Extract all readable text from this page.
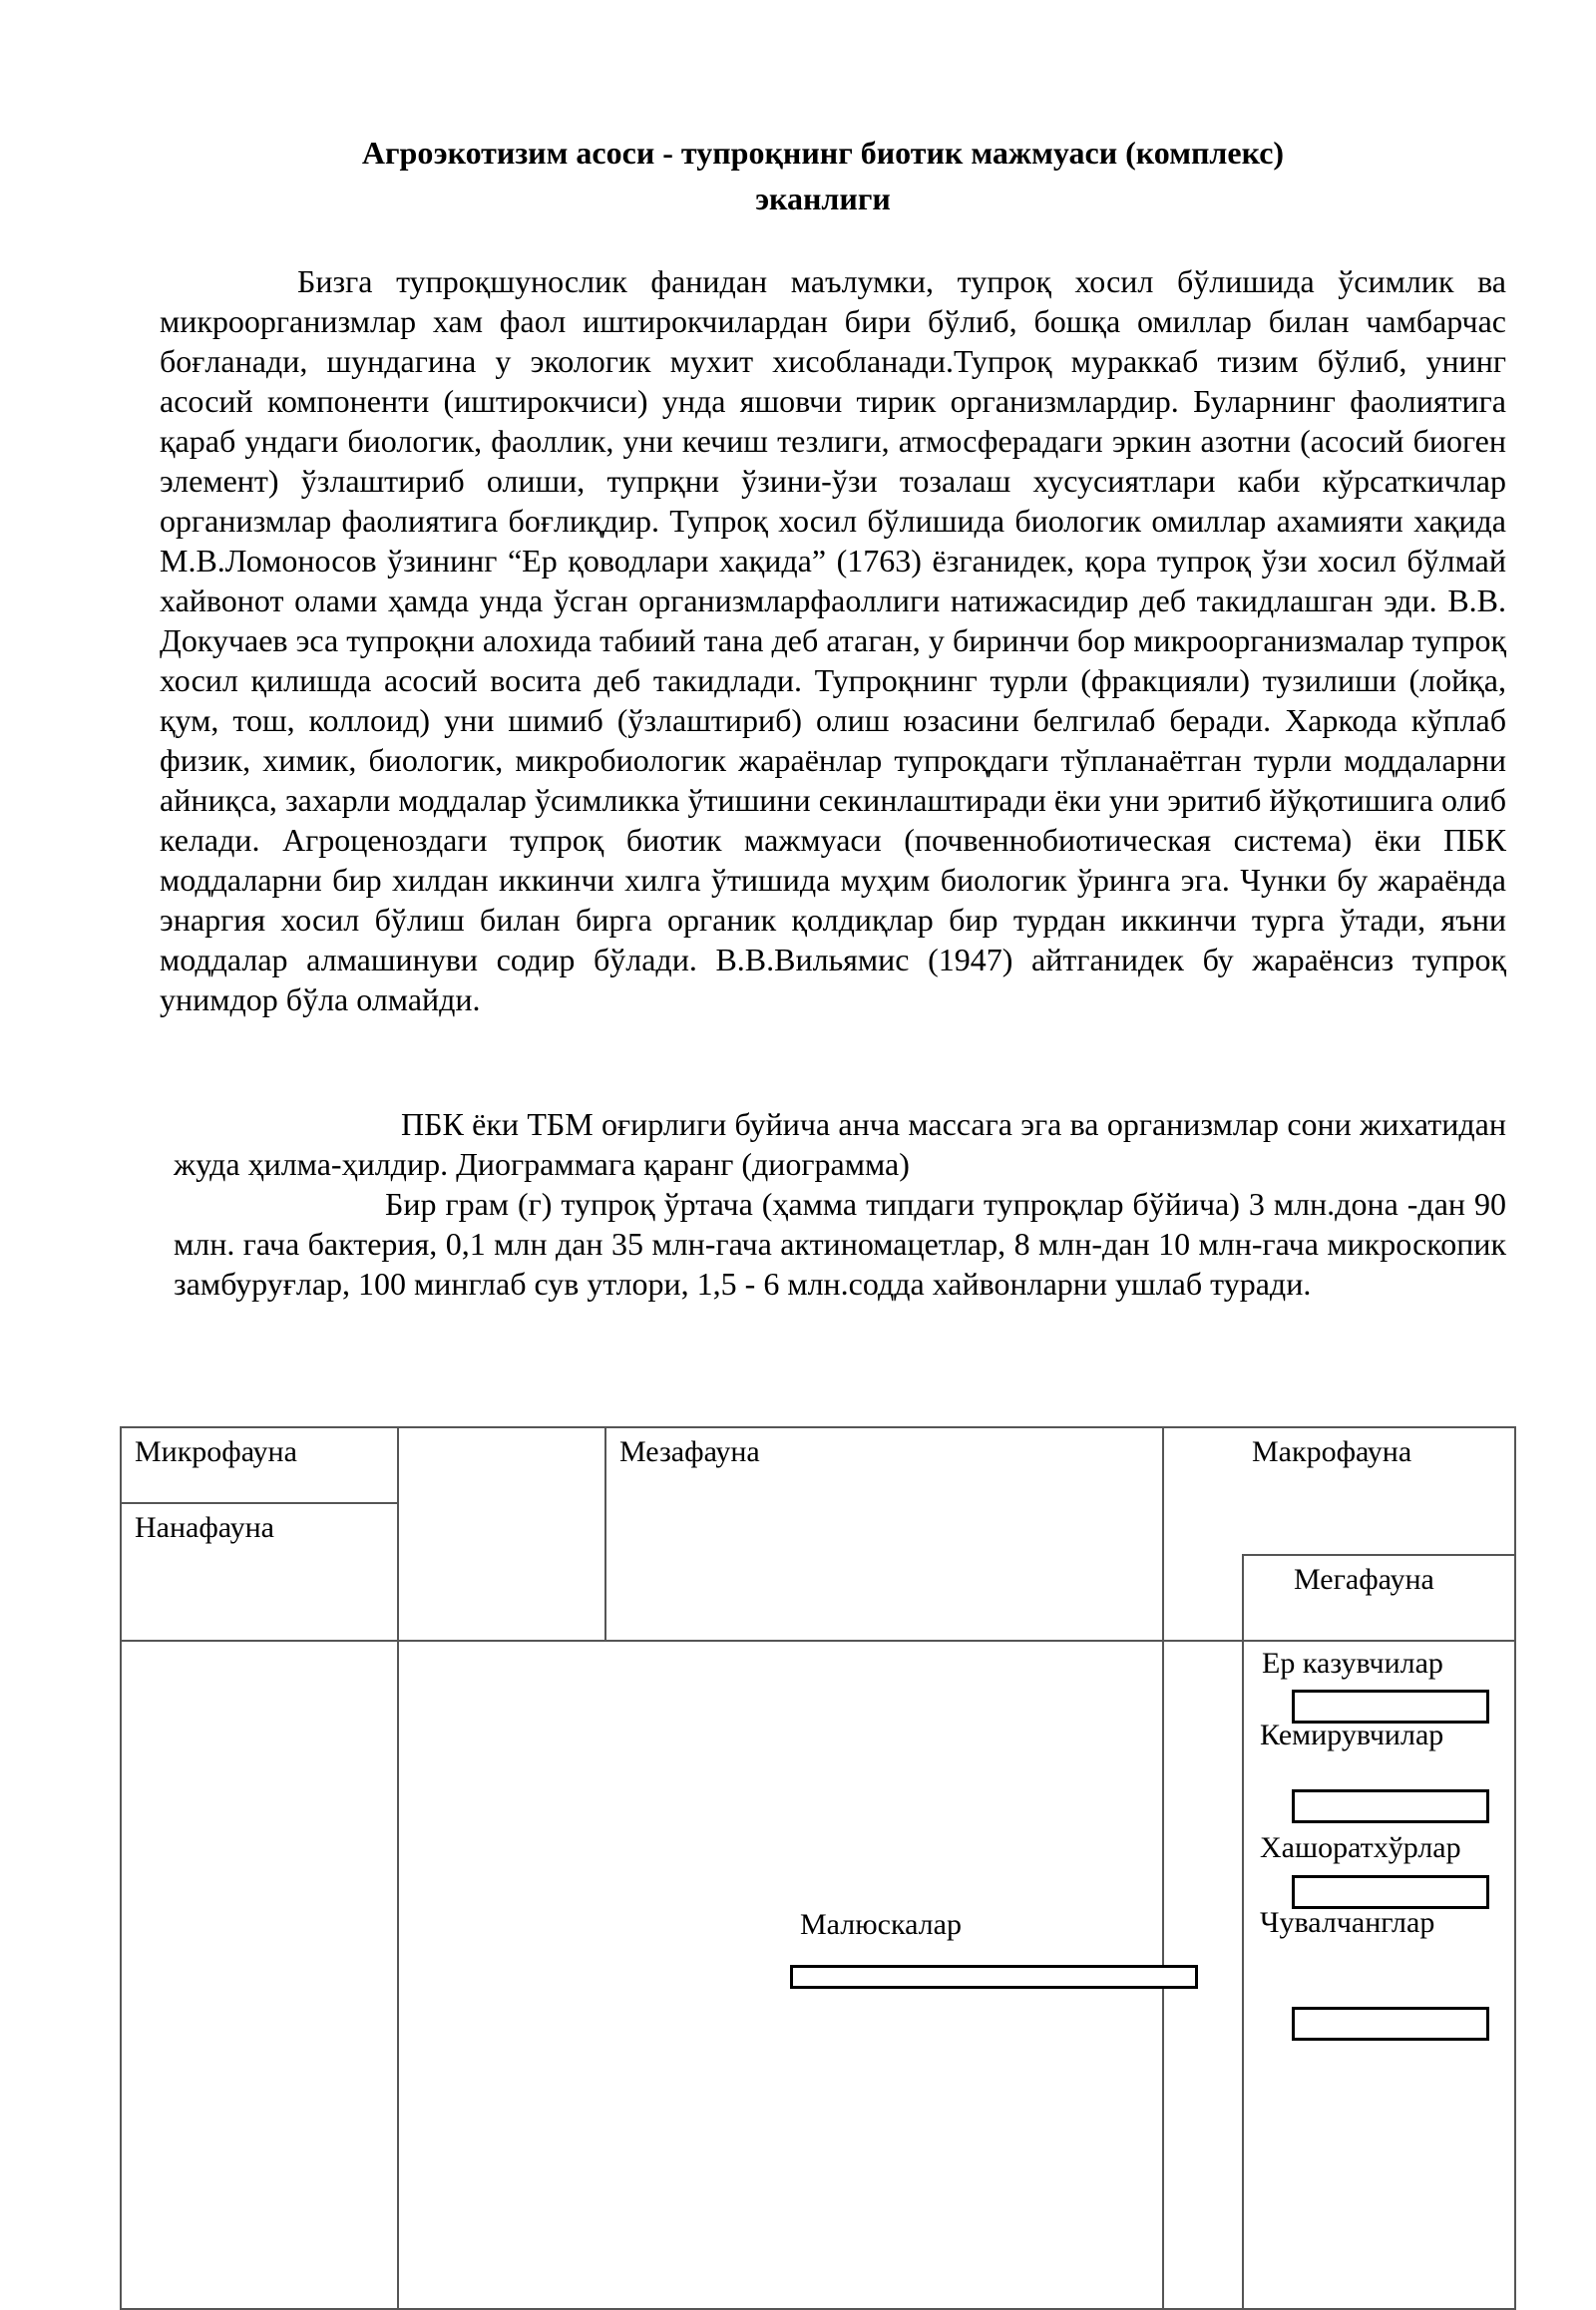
Агроэкотизим асоси - тупроқнинг биотик мажмуаси (комплекс)
эканлиги

Бизга тупроқшунослик фанидан маълумки, тупроқ хосил бўлишида ўсимлик ва микроорганизмлар хам фаол иштирокчилардан бири бўлиб, бошқа омиллар билан чамбарчас боғланади, шундагина у экологик мухит хисобланади.Тупроқ мураккаб тизим бўлиб, унинг асосий компоненти (иштирокчиси) унда яшовчи тирик организмлардир. Буларнинг фаолиятига қараб ундаги биологик, фаоллик, уни кечиш тезлиги, атмосферадаги эркин азотни (асосий биоген элемент) ўзлаштириб олиши, тупрқни ўзини-ўзи тозалаш хусусиятлари каби кўрсаткичлар организмлар фаолиятига боғлиқдир. Тупроқ хосил бўлишида биологик омиллар ахамияти хақида М.В.Ломоносов ўзининг “Ер қоводлари хақида” (1763) ёзганидек, қора тупроқ ўзи хосил бўлмай хайвонот олами ҳамда унда ўсган организмларфаоллиги натижасидир деб такидлашган эди. В.В. Докучаев эса тупроқни алохида табиий тана деб атаган, у биринчи бор микроорганизмалар тупроқ хосил қилишда асосий восита деб такидлади. Тупроқнинг турли (фракцияли) тузилиши (лойқа, қум, тош, коллоид) уни шимиб (ўзлаштириб) олиш юзасини белгилаб беради. Харкода кўплаб физик, химик, биологик, микробиологик жараёнлар тупроқдаги тўпланаётган турли моддаларни айниқса, захарли моддалар ўсимликка ўтишини секинлаштиради ёки уни эритиб йўқотишига олиб келади. Агроценоздаги тупроқ биотик мажмуаси (почвеннобиотическая система) ёки ПБК моддаларни бир хилдан иккинчи хилга ўтишида муҳим биологик ўринга эга. Чунки бу жараёнда энаргия хосил бўлиш билан бирга органик қолдиқлар бир турдан иккинчи турга ўтади, яъни моддалар алмашинуви содир бўлади. В.В.Вильямис (1947) айтганидек бу жараёнсиз тупроқ унимдор бўла олмайди.

ПБК ёки ТБМ оғирлиги буйича анча массага эга ва организмлар сони жихатидан жуда ҳилма-ҳилдир. Диограммага қаранг (диограмма)

Бир грам (г) тупроқ ўртача (ҳамма типдаги тупроқлар бўйича) 3 млн.дона -дан 90 млн. гача бактерия, 0,1 млн дан 35 млн-гача актиномацетлар, 8 млн-дан 10 млн-гача микроскопик замбуруғлар, 100 минглаб сув утлори, 1,5 - 6 млн.содда хайвонларни ушлаб туради.

Микрофауна
Нанафауна
Мезафауна	Макрофауна
Мегафауна
Малюскалар
Ер казувчилар
Кемирувчилар
Хашоратхўрлар
Чувалчанглар
